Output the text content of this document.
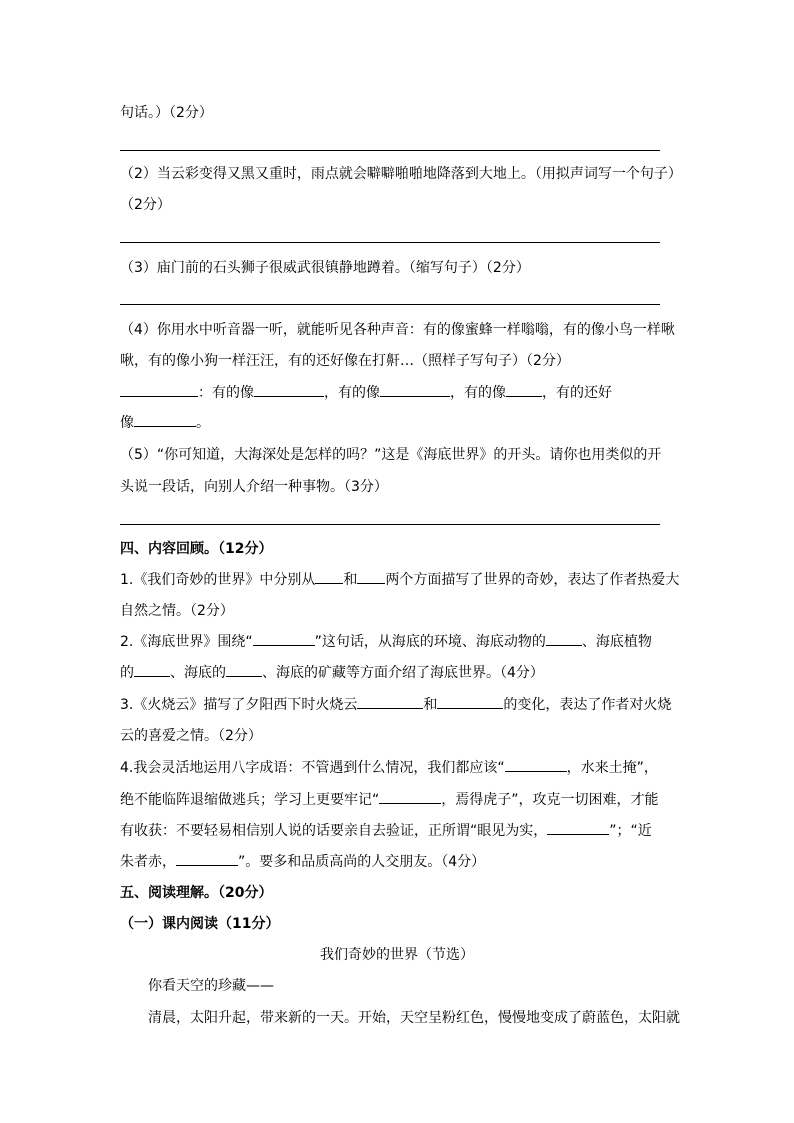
句话。）（2分）
（2）当云彩变得又黑又重时，雨点就会噼噼啪啪地降落到大地上。（用拟声词写一个句子）
（2分）
（3）庙门前的石头狮子很威武很镇静地蹲着。（缩写句子）（2分）
（4）你用水中听音器一听，就能听见各种声音：有的像蜜蜂一样嗡嗡，有的像小鸟一样啾
啾，有的像小狗一样汪汪，有的还好像在打鼾…（照样子写句子）（2分）
：有的像	，有的像	，有的像	，有的还好
像	。
（5）“你可知道，大海深处是怎样的吗？”这是《海底世界》的开头。请你也用类似的开
头说一段话，向别人介绍一种事物。（3分）
四、内容回顾。（12分）
1.《我们奇妙的世界》中分别从 和 两个方面描写了世界的奇妙，表达了作者热爱大
自然之情。（2分）
2.《海底世界》围绕“	”这句话，从海底的环境、海底动物的	、海底植物
的	、海底的	、海底的矿藏等方面介绍了海底世界。（4分）
3.《火烧云》描写了夕阳西下时火烧云	和	的变化，表达了作者对火烧
云的喜爱之情。（2分）
4.我会灵活地运用八字成语：不管遇到什么情况，我们都应该“	，水来土掩”，
绝不能临阵退缩做逃兵；学习上更要牢记“	，焉得虎子”，攻克一切困难，才能
有收获：不要轻易相信别人说的话要亲自去验证，正所谓“眼见为实，	”；“近
朱者赤，	”。要多和品质高尚的人交朋友。（4分）
五、阅读理解。（20分）
（一）课内阅读（11分）
我们奇妙的世界（节选）
你看天空的珍藏——
清晨，太阳升起，带来新的一天。开始，天空呈粉红色，慢慢地变成了蔚蓝色，太阳就
